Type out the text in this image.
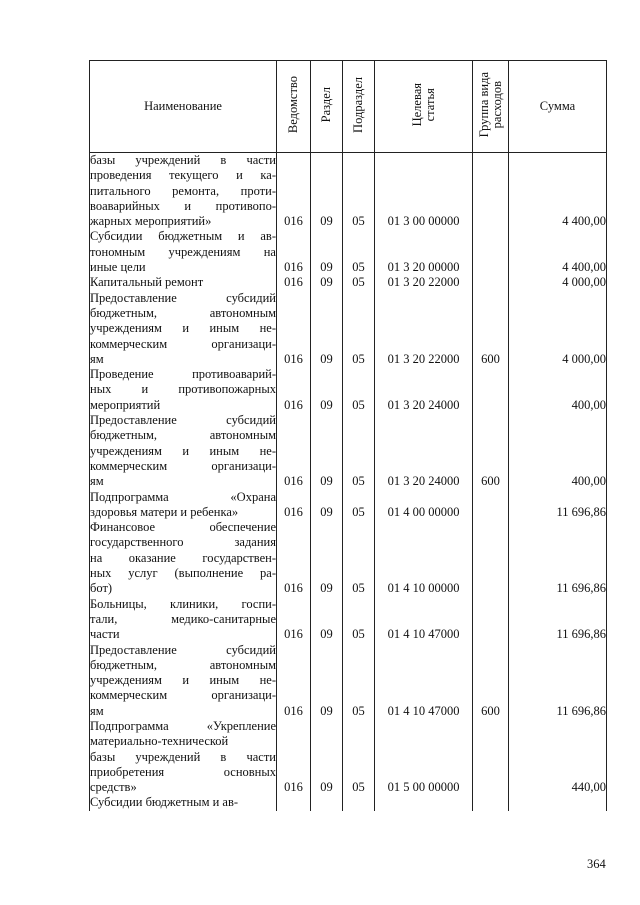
Наименование	Ведомство	Раздел	Подраздел	Целевая
статья	Группа вида
расходов	Сумма

базы учреждений в части
проведения текущего и ка-
питального ремонта, проти-
воаварийных и противопо-
жарных мероприятий»	016	09	05	01 3 00 00000		4 400,00

Субсидии бюджетным и ав-
тономным учреждениям на
иные цели	016	09	05	01 3 20 00000		4 400,00

Капитальный ремонт	016	09	05	01 3 20 22000		4 000,00

Предоставление субсидий
бюджетным, автономным
учреждениям и иным не-
коммерческим организаци-
ям	016	09	05	01 3 20 22000	600	4 000,00

Проведение противоаварий-
ных и противопожарных
мероприятий	016	09	05	01 3 20 24000		400,00

Предоставление субсидий
бюджетным, автономным
учреждениям и иным не-
коммерческим организаци-
ям	016	09	05	01 3 20 24000	600	400,00

Подпрограмма «Охрана
здоровья матери и ребенка»	016	09	05	01 4 00 00000		11 696,86

Финансовое обеспечение
государственного задания
на оказание государствен-
ных услуг (выполнение ра-
бот)	016	09	05	01 4 10 00000		11 696,86

Больницы, клиники, госпи-
тали, медико-санитарные
части	016	09	05	01 4 10 47000		11 696,86

Предоставление субсидий
бюджетным, автономным
учреждениям и иным не-
коммерческим организаци-
ям	016	09	05	01 4 10 47000	600	11 696,86

Подпрограмма «Укрепление
материально-технической
базы учреждений в части
приобретения основных
средств»	016	09	05	01 5 00 00000		440,00

Субсидии бюджетным и ав-						

364
